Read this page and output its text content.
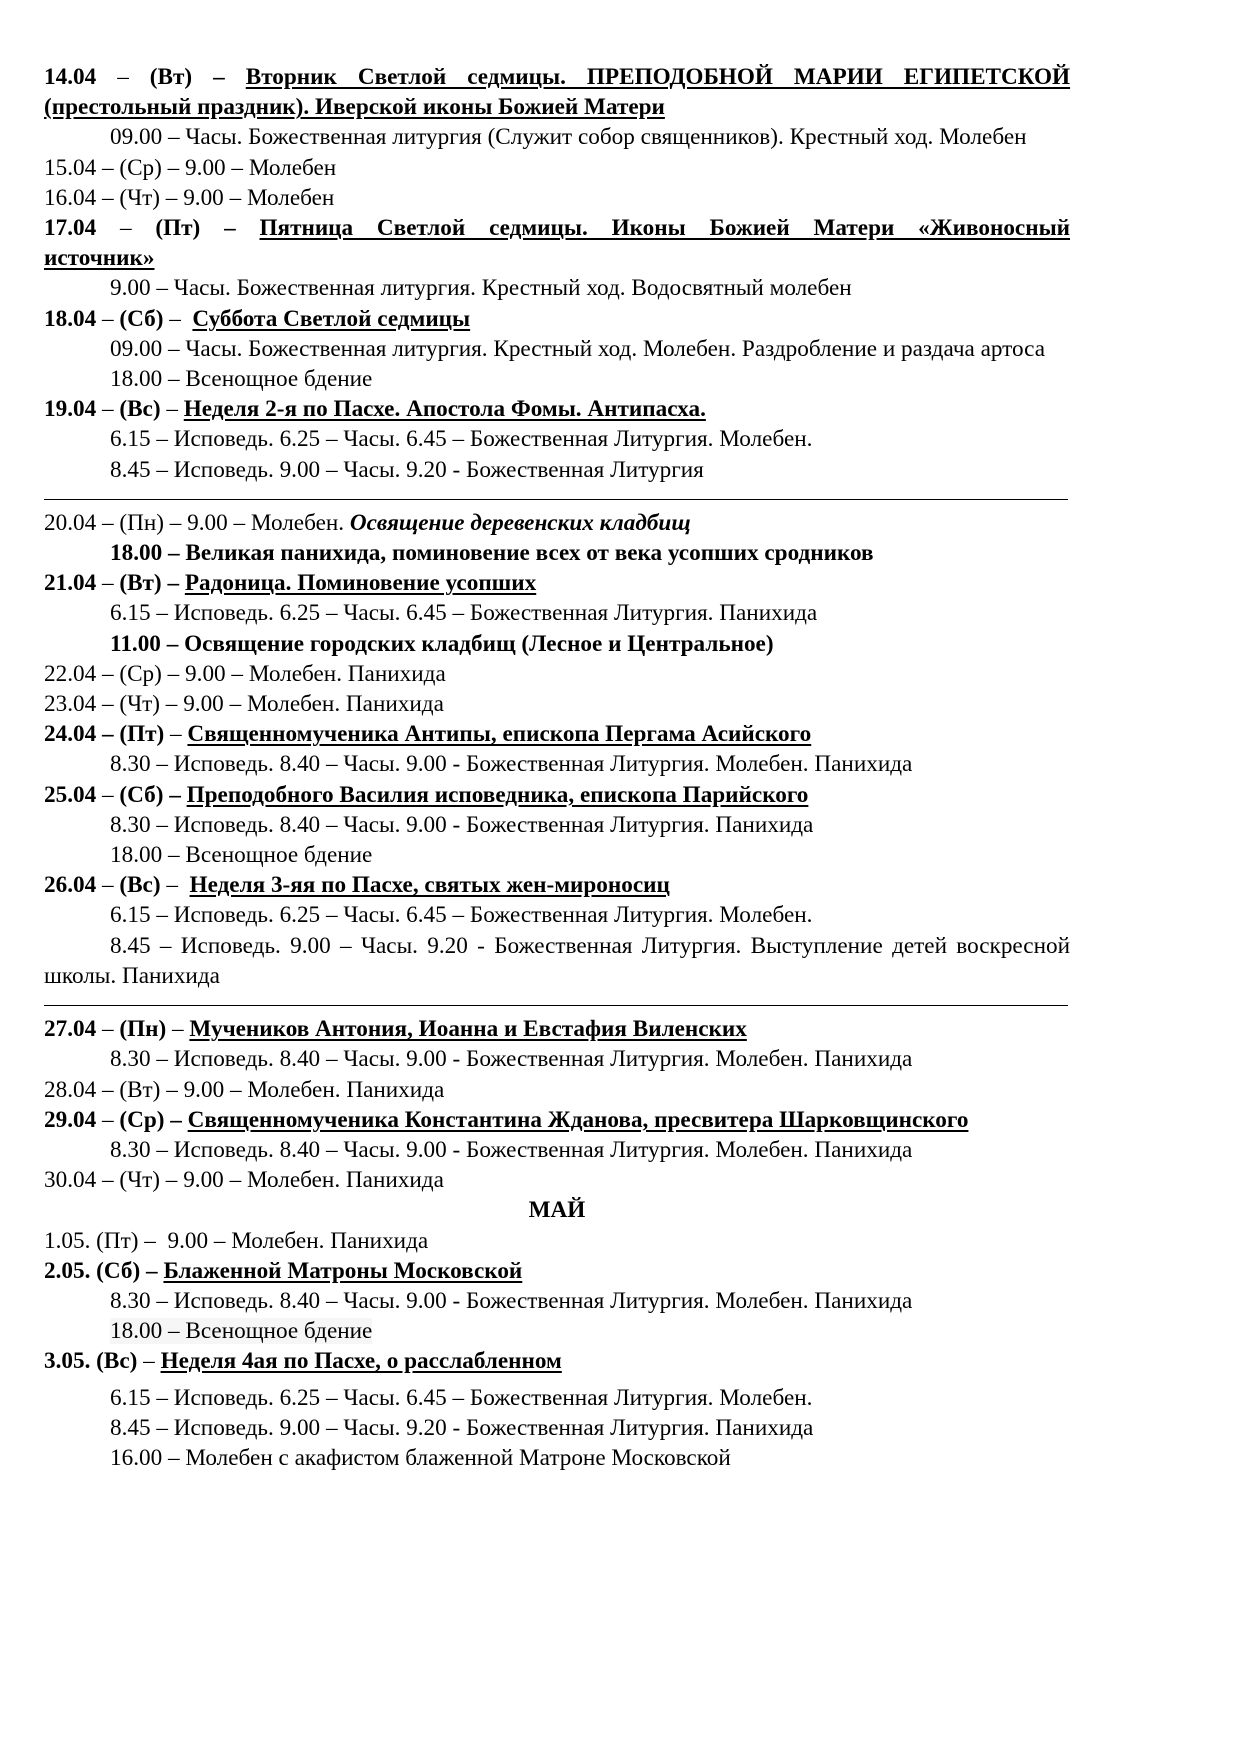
14.04 – (Вт) – Вторник Светлой седмицы. ПРЕПОДОБНОЙ МАРИИ ЕГИПЕТСКОЙ (престольный праздник). Иверской иконы Божией Матери
09.00 – Часы. Божественная литургия (Служит собор священников). Крестный ход. Молебен
15.04 – (Ср) – 9.00 – Молебен
16.04 – (Чт) – 9.00 – Молебен
17.04 – (Пт) – Пятница Светлой седмицы. Иконы Божией Матери «Живоносный источник»
9.00 – Часы. Божественная литургия. Крестный ход. Водосвятный молебен
18.04 – (Сб) – Суббота Светлой седмицы
09.00 – Часы. Божественная литургия. Крестный ход. Молебен. Раздробление и раздача артоса
18.00 – Всенощное бдение
19.04 – (Вс) – Неделя 2-я по Пасхе. Апостола Фомы. Антипасха.
6.15 – Исповедь. 6.25 – Часы. 6.45 – Божественная Литургия. Молебен.
8.45 – Исповедь. 9.00 – Часы. 9.20 - Божественная Литургия
20.04 – (Пн) – 9.00 – Молебен. Освящение деревенских кладбищ
18.00 – Великая панихида, поминовение всех от века усопших сродников
21.04 – (Вт) – Радоница. Поминовение усопших
6.15 – Исповедь. 6.25 – Часы. 6.45 – Божественная Литургия. Панихида
11.00 – Освящение городских кладбищ (Лесное и Центральное)
22.04 – (Ср) – 9.00 – Молебен. Панихида
23.04 – (Чт) – 9.00 – Молебен. Панихида
24.04 – (Пт) – Священномученика Антипы, епископа Пергама Асийского
8.30 – Исповедь. 8.40 – Часы. 9.00 - Божественная Литургия. Молебен. Панихида
25.04 – (Сб) – Преподобного Василия исповедника, епископа Парийского
8.30 – Исповедь. 8.40 – Часы. 9.00 - Божественная Литургия. Панихида
18.00 – Всенощное бдение
26.04 – (Вс) – Неделя 3-яя по Пасхе, святых жен-мироносиц
6.15 – Исповедь. 6.25 – Часы. 6.45 – Божественная Литургия. Молебен.
8.45 – Исповедь. 9.00 – Часы. 9.20 - Божественная Литургия. Выступление детей воскресной школы. Панихида
27.04 – (Пн) – Мучеников Антония, Иоанна и Евстафия Виленских
8.30 – Исповедь. 8.40 – Часы. 9.00 - Божественная Литургия. Молебен. Панихида
28.04 – (Вт) – 9.00 – Молебен. Панихида
29.04 – (Ср) – Священномученика Константина Жданова, пресвитера Шарковщинского
8.30 – Исповедь. 8.40 – Часы. 9.00 - Божественная Литургия. Молебен. Панихида
30.04 – (Чт) – 9.00 – Молебен. Панихида
МАЙ
1.05. (Пт) –  9.00 – Молебен. Панихида
2.05. (Сб) – Блаженной Матроны Московской
8.30 – Исповедь. 8.40 – Часы. 9.00 - Божественная Литургия. Молебен. Панихида
18.00 – Всенощное бдение
3.05. (Вс) – Неделя 4ая по Пасхе, о расслабленном
6.15 – Исповедь. 6.25 – Часы. 6.45 – Божественная Литургия. Молебен.
8.45 – Исповедь. 9.00 – Часы. 9.20 - Божественная Литургия. Панихида
16.00 – Молебен с акафистом блаженной Матроне Московской
